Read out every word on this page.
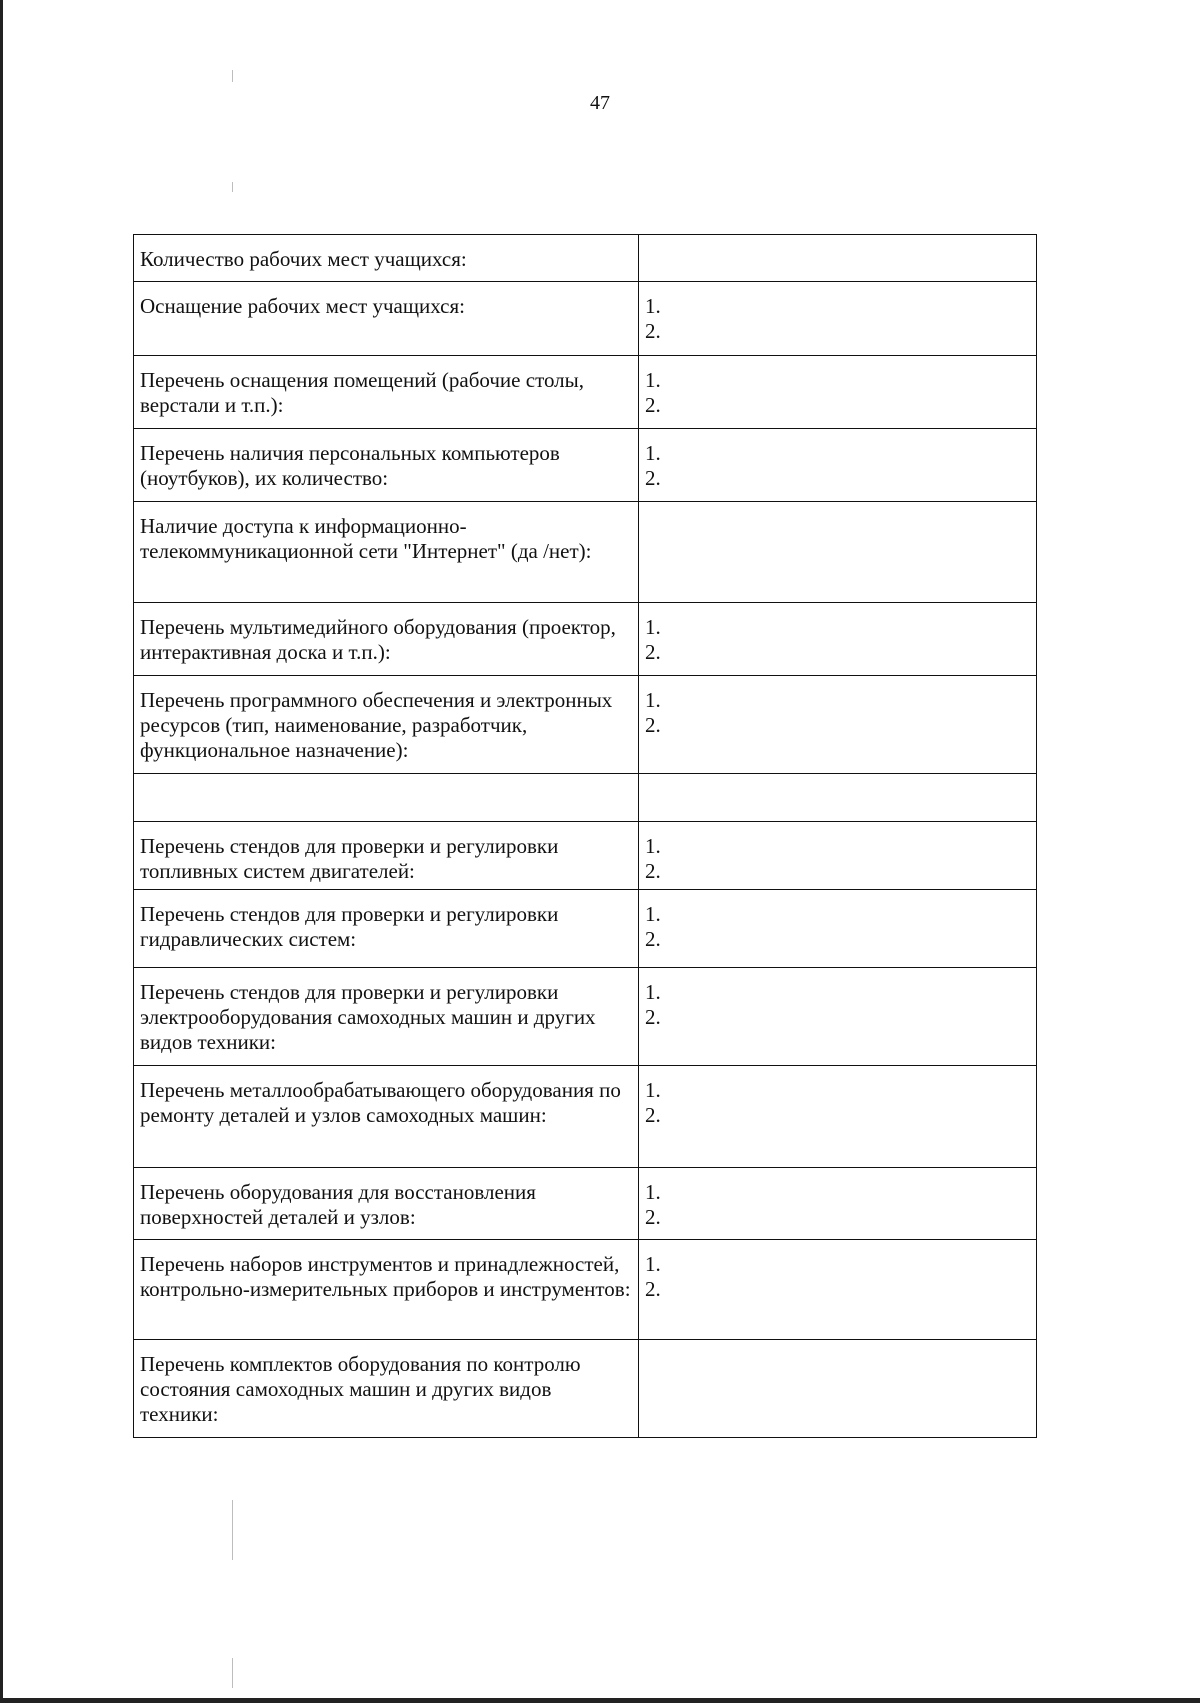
47
Количество рабочих мест учащихся:	
Оснащение рабочих мест учащихся:	1.
2.

Перечень оснащения помещений (рабочие столы, верстали и т.п.):	1.
2.

Перечень наличия персональных компьютеров (ноутбуков), их количество:	1.
2.

Наличие доступа к информационно-телекоммуникационной сети "Интернет" (да /нет):	
Перечень мультимедийного оборудования (проектор, интерактивная доска и т.п.):	1.
2.

Перечень программного обеспечения и электронных ресурсов (тип, наименование, разработчик, функциональное назначение):	1.
2.

Перечень стендов для проверки и регулировки топливных систем двигателей:	1.
2.

Перечень стендов для проверки и регулировки гидравлических систем:	1.
2.

Перечень стендов для проверки и регулировки электрооборудования самоходных машин и других видов техники:	1.
2.

Перечень металлообрабатывающего оборудования по ремонту деталей и узлов самоходных машин:	1.
2.

Перечень оборудования для восстановления поверхностей деталей и узлов:	1.
2.

Перечень наборов инструментов и принадлежностей, контрольно-измерительных приборов и инструментов:	1.
2.

Перечень комплектов оборудования по контролю состояния самоходных машин и других видов техники:	
